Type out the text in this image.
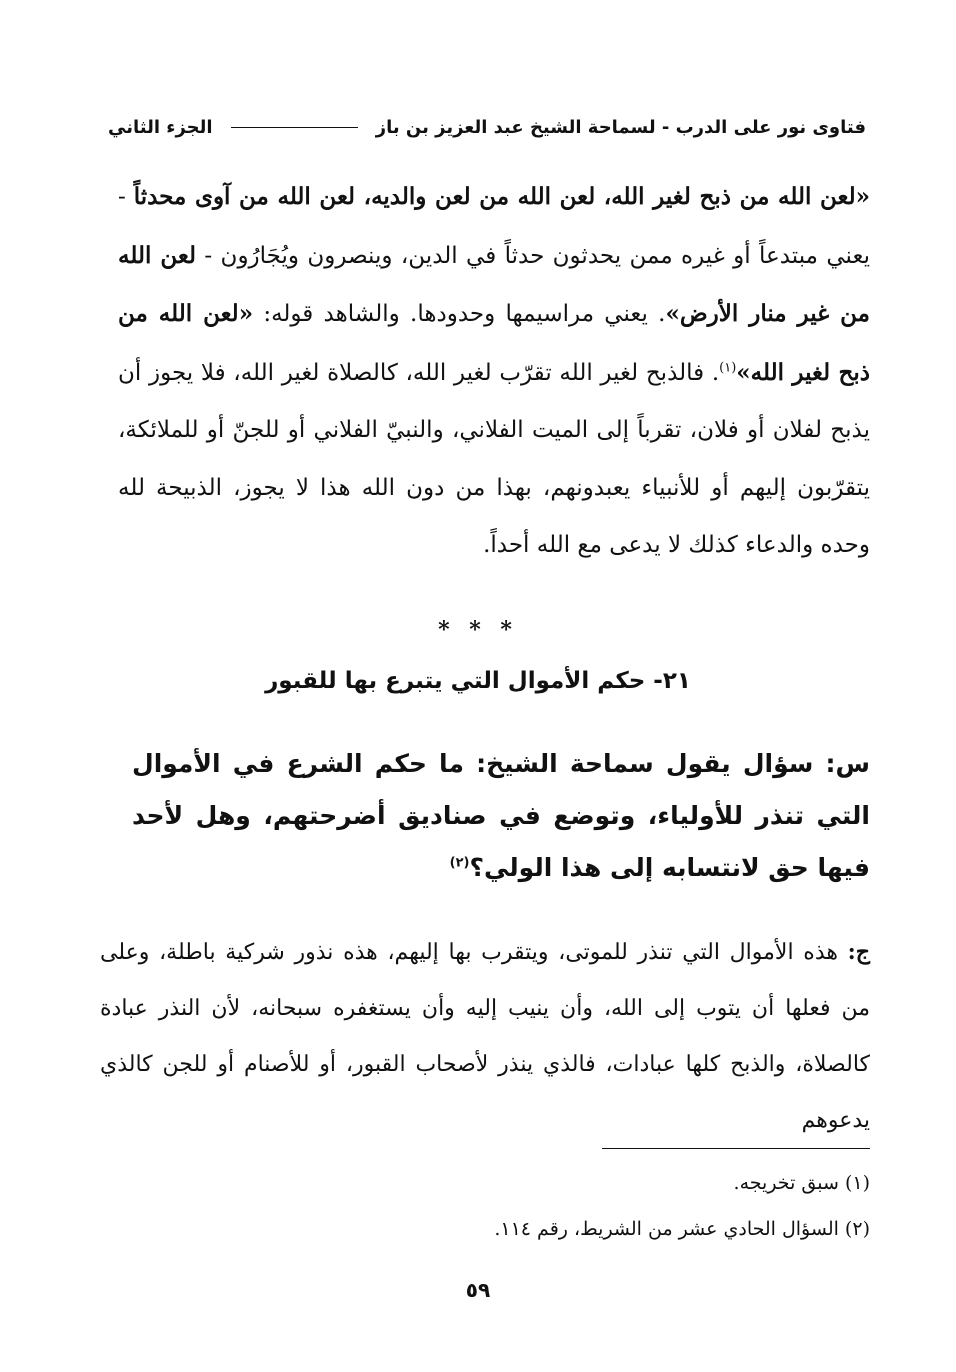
فتاوى نور على الدرب - لسماحة الشيخ عبد العزيز بن باز
الجزء الثاني

«لعن الله من ذبح لغير الله، لعن الله من لعن والديه، لعن الله من آوى محدثاً - يعني مبتدعاً أو غيره ممن يحدثون حدثاً في الدين، وينصرون ويُجَارُون - لعن الله من غير منار الأرض». يعني مراسيمها وحدودها. والشاهد قوله: «لعن الله من ذبح لغير الله»$^{(١)}$. فالذبح لغير الله تقرّب لغير الله، كالصلاة لغير الله، فلا يجوز أن يذبح لفلان أو فلان، تقرباً إلى الميت الفلاني، والنبيّ الفلاني أو للجنّ أو للملائكة، يتقرّبون إليهم أو للأنبياء يعبدونهم، بهذا من دون الله هذا لا يجوز، الذبيحة لله وحده والدعاء كذلك لا يدعى مع الله أحداً.

* * *
٢١- حكم الأموال التي يتبرع بها للقبور
س: سؤال يقول سماحة الشيخ: ما حكم الشرع في الأموال التي تنذر للأولياء، وتوضع في صناديق أضرحتهم، وهل لأحد فيها حق لانتسابه إلى هذا الولي؟$^{(٢)}$
ج: هذه الأموال التي تنذر للموتى، ويتقرب بها إليهم، هذه نذور شركية باطلة، وعلى من فعلها أن يتوب إلى الله، وأن ينيب إليه وأن يستغفره سبحانه، لأن النذر عبادة كالصلاة، والذبح كلها عبادات، فالذي ينذر لأصحاب القبور، أو للأصنام أو للجن كالذي يدعوهم
(١) سبق تخريجه.
(٢) السؤال الحادي عشر من الشريط، رقم ١١٤.
٥٩
